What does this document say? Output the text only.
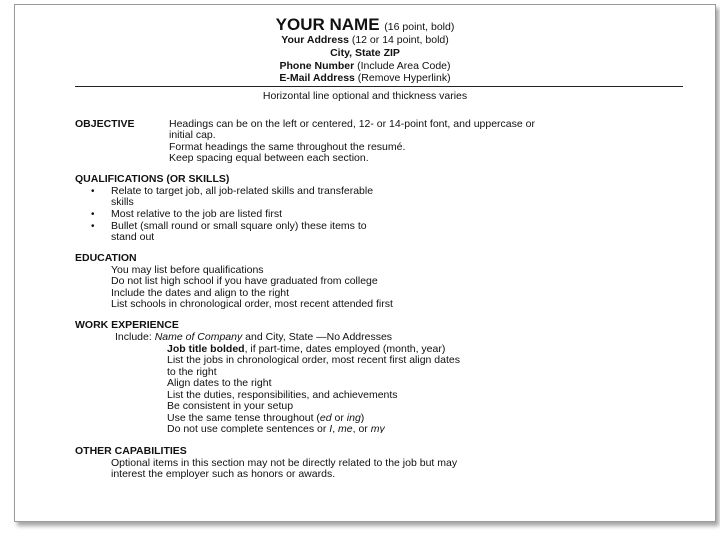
YOUR NAME (16 point, bold)
Your Address (12 or 14 point, bold)
City, State ZIP
Phone Number (Include Area Code)
E-Mail Address (Remove Hyperlink)
Horizontal line optional and thickness varies
OBJECTIVE	Headings can be on the left or centered, 12- or 14-point font, and uppercase or
initial cap.
Format headings the same throughout the resumé.
Keep spacing equal between each section.
QUALIFICATIONS (OR SKILLS)
• Relate to target job, all job-related skills and transferable
skills
• Most relative to the job are listed first
• Bullet (small round or small square only) these items to
stand out
EDUCATION
You may list before qualifications
Do not list high school if you have graduated from college
Include the dates and align to the right
List schools in chronological order, most recent attended first
WORK EXPERIENCE
Include: Name of Company and City, State —No Addresses
Job title bolded, if part-time, dates employed (month, year)
List the jobs in chronological order, most recent first align dates
to the right
Align dates to the right
List the duties, responsibilities, and achievements
Be consistent in your setup
Use the same tense throughout (ed or ing)
Do not use complete sentences or I, me, or my
OTHER CAPABILITIES
Optional items in this section may not be directly related to the job but may
interest the employer such as honors or awards.
